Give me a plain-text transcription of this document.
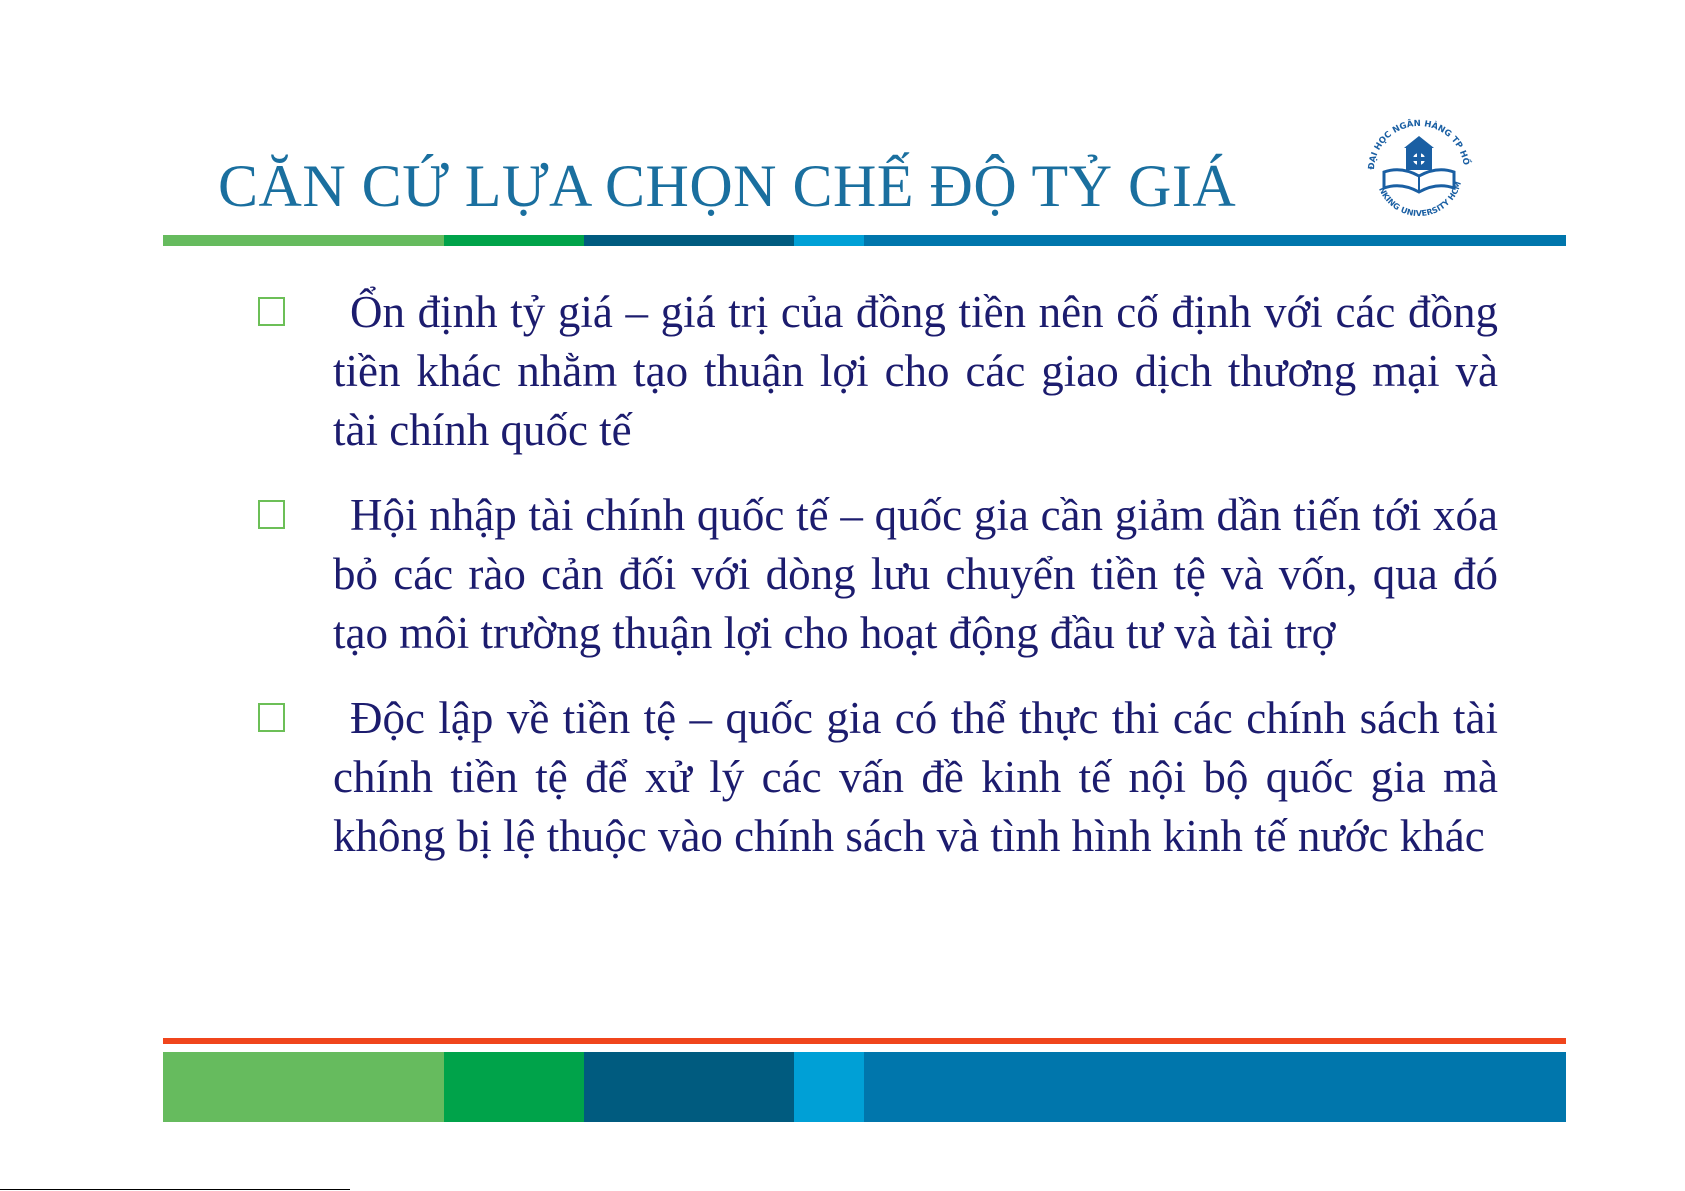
CĂN CỨ LỰA CHỌN CHẾ ĐỘ TỶ GIÁ	ĐẠI HỌC NGÂN HÀNG TP HỒ
NKING UNIVERSITY HCM
Ổn định tỷ giá – giá trị của đồng tiền nên cố định với các đồng tiền khác nhằm tạo thuận lợi cho các giao dịch thương mại và tài chính quốc tế
Hội nhập tài chính quốc tế – quốc gia cần giảm dần tiến tới xóa bỏ các rào cản đối với dòng lưu chuyển tiền tệ và vốn, qua đó tạo môi trường thuận lợi cho hoạt động đầu tư và tài trợ
Độc lập về tiền tệ – quốc gia có thể thực thi các chính sách tài chính tiền tệ để xử lý các vấn đề kinh tế nội bộ quốc gia mà không bị lệ thuộc vào chính sách và tình hình kinh tế nước khác
